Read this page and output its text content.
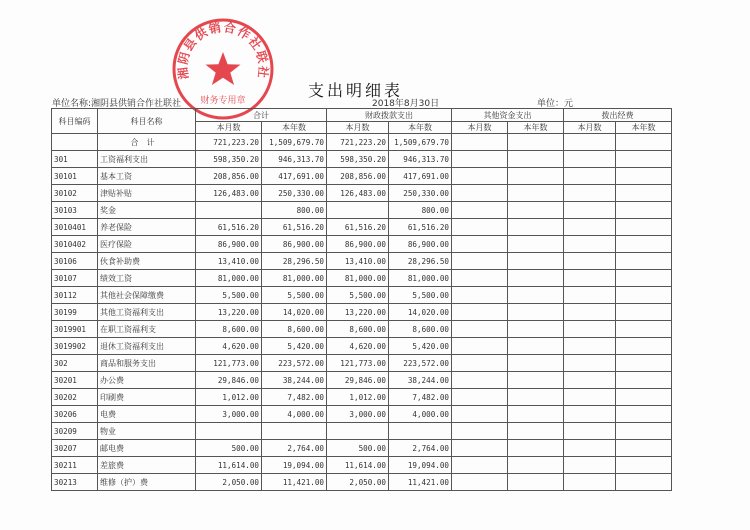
湘阴县供销合作社联社
财务专用章
支出明细表
单位名称:湘阴县供销合作社联社	2018年8月30日	单位：元
科目编码	科目名称	合计		财政拨款支出		其他资金支出		拨出经费	
		本月数	本年数	本月数	本年数	本月数	本年数	本月数	本年数
	合计	721,223.20	1,509,679.70	721,223.20	1,509,679.70				
301	工资福利支出	598,350.20	946,313.70	598,350.20	946,313.70				
30101	基本工资	208,856.00	417,691.00	208,856.00	417,691.00				
30102	津贴补贴	126,483.00	250,330.00	126,483.00	250,330.00				
30103	奖金		800.00		800.00				
3010401	养老保险	61,516.20	61,516.20	61,516.20	61,516.20				
3010402	医疗保险	86,900.00	86,900.00	86,900.00	86,900.00				
30106	伙食补助费	13,410.00	28,296.50	13,410.00	28,296.50				
30107	绩效工资	81,000.00	81,000.00	81,000.00	81,000.00				
30112	其他社会保障缴费	5,500.00	5,500.00	5,500.00	5,500.00				
30199	其他工资福利支出	13,220.00	14,020.00	13,220.00	14,020.00				
3019901	在职工资福利支	8,600.00	8,600.00	8,600.00	8,600.00				
3019902	退休工资福利支出	4,620.00	5,420.00	4,620.00	5,420.00				
302	商品和服务支出	121,773.00	223,572.00	121,773.00	223,572.00				
30201	办公费	29,846.00	38,244.00	29,846.00	38,244.00				
30202	印刷费	1,012.00	7,482.00	1,012.00	7,482.00				
30206	电费	3,000.00	4,000.00	3,000.00	4,000.00				
30209	物业								
30207	邮电费	500.00	2,764.00	500.00	2,764.00				
30211	差旅费	11,614.00	19,094.00	11,614.00	19,094.00				
30213	维修（护）费	2,050.00	11,421.00	2,050.00	11,421.00				
